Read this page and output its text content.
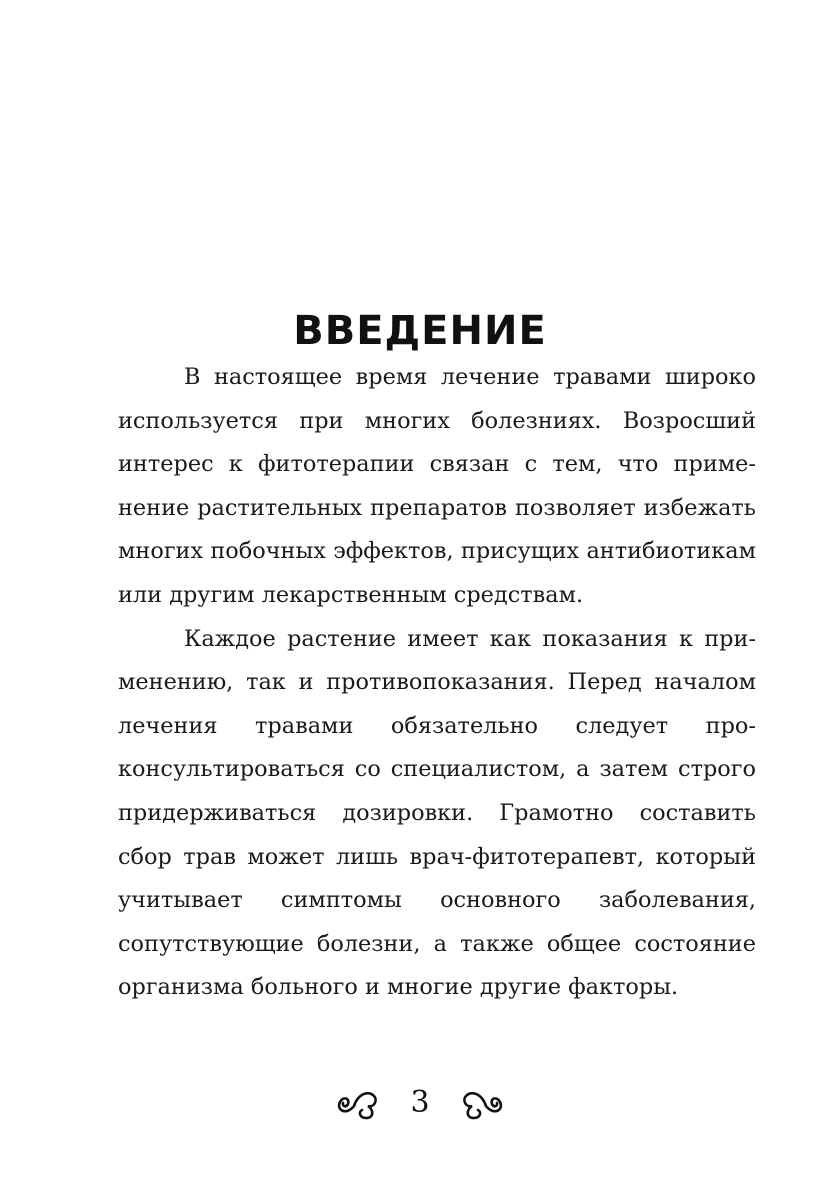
ВВЕДЕНИЕ

В настоящее время лечение травами широко используется при многих болезниях. Возросший интерес к фитотерапии связан с тем, что применение растительных препаратов позволяет избежать многих побочных эффектов, присущих антибиотикам или другим лекарственным средствам.

Каждое растение имеет как показания к применению, так и противопоказания. Перед началом лечения травами обязательно следует проконсультироваться со специалистом, а затем строго придерживаться дозировки. Грамотно составить сбор трав может лишь врач-фитотерапевт, который учитывает симптомы основного заболевания, сопутствующие болезни, а также общее состояние организма больного и многие другие факторы.

3
